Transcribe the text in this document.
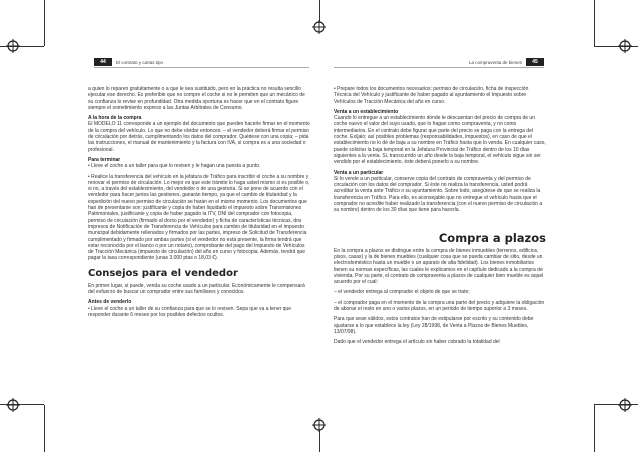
44	El contrato y cartas tipo	La compraventa de bienes	45

a quien lo reparen gratuitamente o a que le sea sustituido, pero en la práctica no resulta sencillo ejecutar ese derecho. Es preferible que no compre el coche si no le permiten que un mecánico de su confianza lo revise en profundidad. Otra medida oportuna es hacer que en el contrato figure siempre el sometimiento expreso a las Juntas Arbitrales de Consumo.

A la hora de la compra

El MODELO 11 corresponde a un ejemplo del documento que pueden hacerle firmar en el momento de la compra del vehículo. Lo que no debe olvidar entonces: – el vendedor deberá firmar el permiso de circulación por detrás, cumplimentando los datos del comprador. Quédese con una copia; – pida las instrucciones, el manual de mantenimiento y la factura con IVA, si compra es a una sociedad o profesional.

Para terminar

• Lleve el coche a un taller para que lo revisen y le hagan una puesta a punto.

• Realice la transferencia del vehículo en la jefatura de Tráfico para inscribir el coche a su nombre y renovar el permiso de circulación. Lo mejor es que este trámite lo haga usted mismo si es posible o, si no, a través del establecimiento, del vendedor o de una gestoría. Si se pone de acuerdo con el vendedor para hacer juntos las gestiones, ganarán tiempo, ya que el cambio de titularidad y la expedición del nuevo permiso de circulación se harán en el mismo momento. Los documentos que han de presentarse son: justificante y copia de haber liquidado el impuesto sobre Transmisiones Patrimoniales, justificante y copia de haber pagado la ITV, DNI del comprador con fotocopia, permiso de circulación (firmado al dorso por el vendedor) y ficha de características técnicas, dos impresos de Notificación de Transferencia de Vehículos para cambio de titularidad en el impuesto municipal debidamente rellenados y firmados por las partes, impreso de Solicitud de Transferencia cumplimentado y firmado por ambas partes (si el vendedor no está presente, la firma tendrá que estar reconocida por el banco o por un notario), comprobante del pago del Impuesto de Vehículos de Tracción Mecánica (impuesto de circulación) del año en curso y fotocopia. Además, tendrá que pagar la tasa correspondiente (unas 3.000 ptas o 18,03 €).

Consejos para el vendedor

En primer lugar, si puede, venda su coche usado a un particular. Económicamente le compensará del esfuerzo de buscar un comprador entre sus familiares y conocidos.

Antes de venderlo

• Lleve el coche a un taller de su confianza para que se lo revisen. Sepa que va a tener que responder durante 6 meses por los posibles defectos ocultos.

• Prepare todos los documentos necesarios: permiso de circulación, ficha de inspección Técnica del Vehículo y justificante de haber pagado al ayuntamiento el Impuesto sobre Vehículos de Tracción Mecánica del año en curso.

Venta a un establecimiento

Cuando lo entregue a un establecimiento donde le descuentan del precio de compra de un coche nuevo el valor del suyo usado, que lo hagan como compraventa, y no como intermediarios. En el contrato debe figurar que parte del precio se paga con la entrega del coche. Exíjalo; así posibles problemas (responsabilidades, impuestos), en caso de que el establecimiento no lo dé de baja a su nombre en Tráfico hasta que lo venda. En cualquier caso, puede solicitar la baja temporal en la Jefatura Provincial de Tráfico dentro de los 10 días siguientes a la venta. Si, transcurrido un año desde la baja temporal, el vehículo sigue sin ser vendido por el establecimiento, éste deberá ponerlo a su nombre.

Venta a un particular

Si lo vende a un particular, conserve copia del contrato de compraventa y del permiso de circulación con los datos del comprador. Si éste no realiza la transferencia, usted podrá acreditar la venta ante Tráfico o su ayuntamiento. Sobre todo, asegúrese de que se realiza la transferencia en Tráfico. Para ello, es aconsejable que no entregue el vehículo hasta que el comprador no acredite haber realizado la transferencia (con el nuevo permiso de circulación a su nombre) dentro de los 30 días que tiene para hacerla.

Compra a plazos

En la compra a plazos se distingue entre la compra de bienes inmuebles (terrenos, edificios, pisos, casas) y la de bienes muebles (cualquier cosa que se pueda cambiar de sitio, desde un electrodoméstico hasta un mueble o un aparato de alta fidelidad). Los bienes inmobiliarios tienen su normas específicas, las cuales le explicamos en el capítulo dedicado a la compra de vivienda. Por su parte, el contrato de compraventa a plazos de cualquier bien mueble es aquel acuerdo por el cual:

– el vendedor entrega al comprador el objeto de que se trate;

– el comprador paga en el momento de la compra una parte del precio y adquiere la obligación de abonar el resto en uno o varios plazos, en un periodo de tiempo superior a 3 meses.

Para que sean válidos, estos contratos han de estipularse por escrito y su contenido debe ajustarse a lo que establece la ley (Ley 28/1998, de Venta a Plazos de Bienes Muebles, 13/07/98).

Dado que el vendedor entrega el artículo sin haber cobrado la totalidad del
